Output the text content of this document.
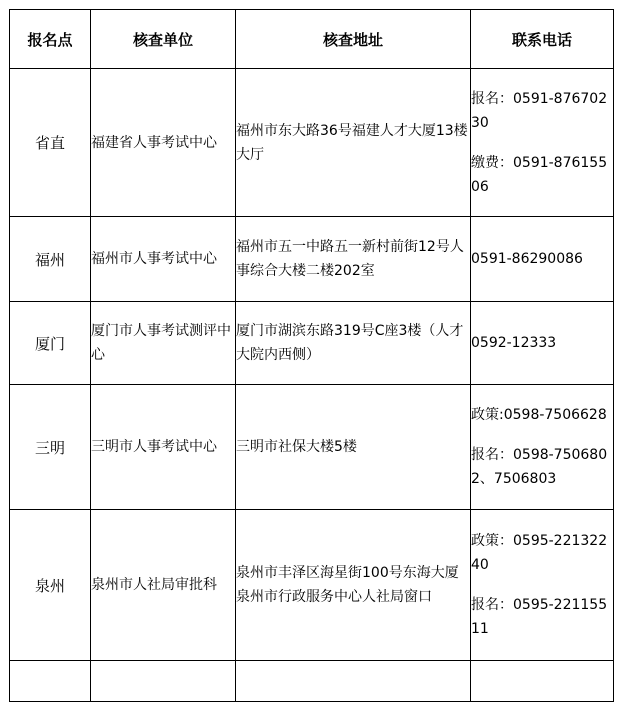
报名点	核查单位	核查地址	联系电话
省直	福建省人事考试中心	福州市东大路36号福建人才大厦13楼大厅	报名：0591-87670230
缴费：0591-87615506

福州	福州市人事考试中心	福州市五一中路五一新村前街12号人事综合大楼二楼202室	0591-86290086

厦门	厦门市人事考试测评中心	厦门市湖滨东路319号C座3楼（人才大院内西侧）	0592-12333

三明	三明市人事考试中心	三明市社保大楼5楼	政策:0598-7506628
报名：0598-7506802、7506803

泉州	泉州市人社局审批科	泉州市丰泽区海星街100号东海大厦泉州市行政服务中心人社局窗口	政策：0595-22132240
报名：0595-22115511
